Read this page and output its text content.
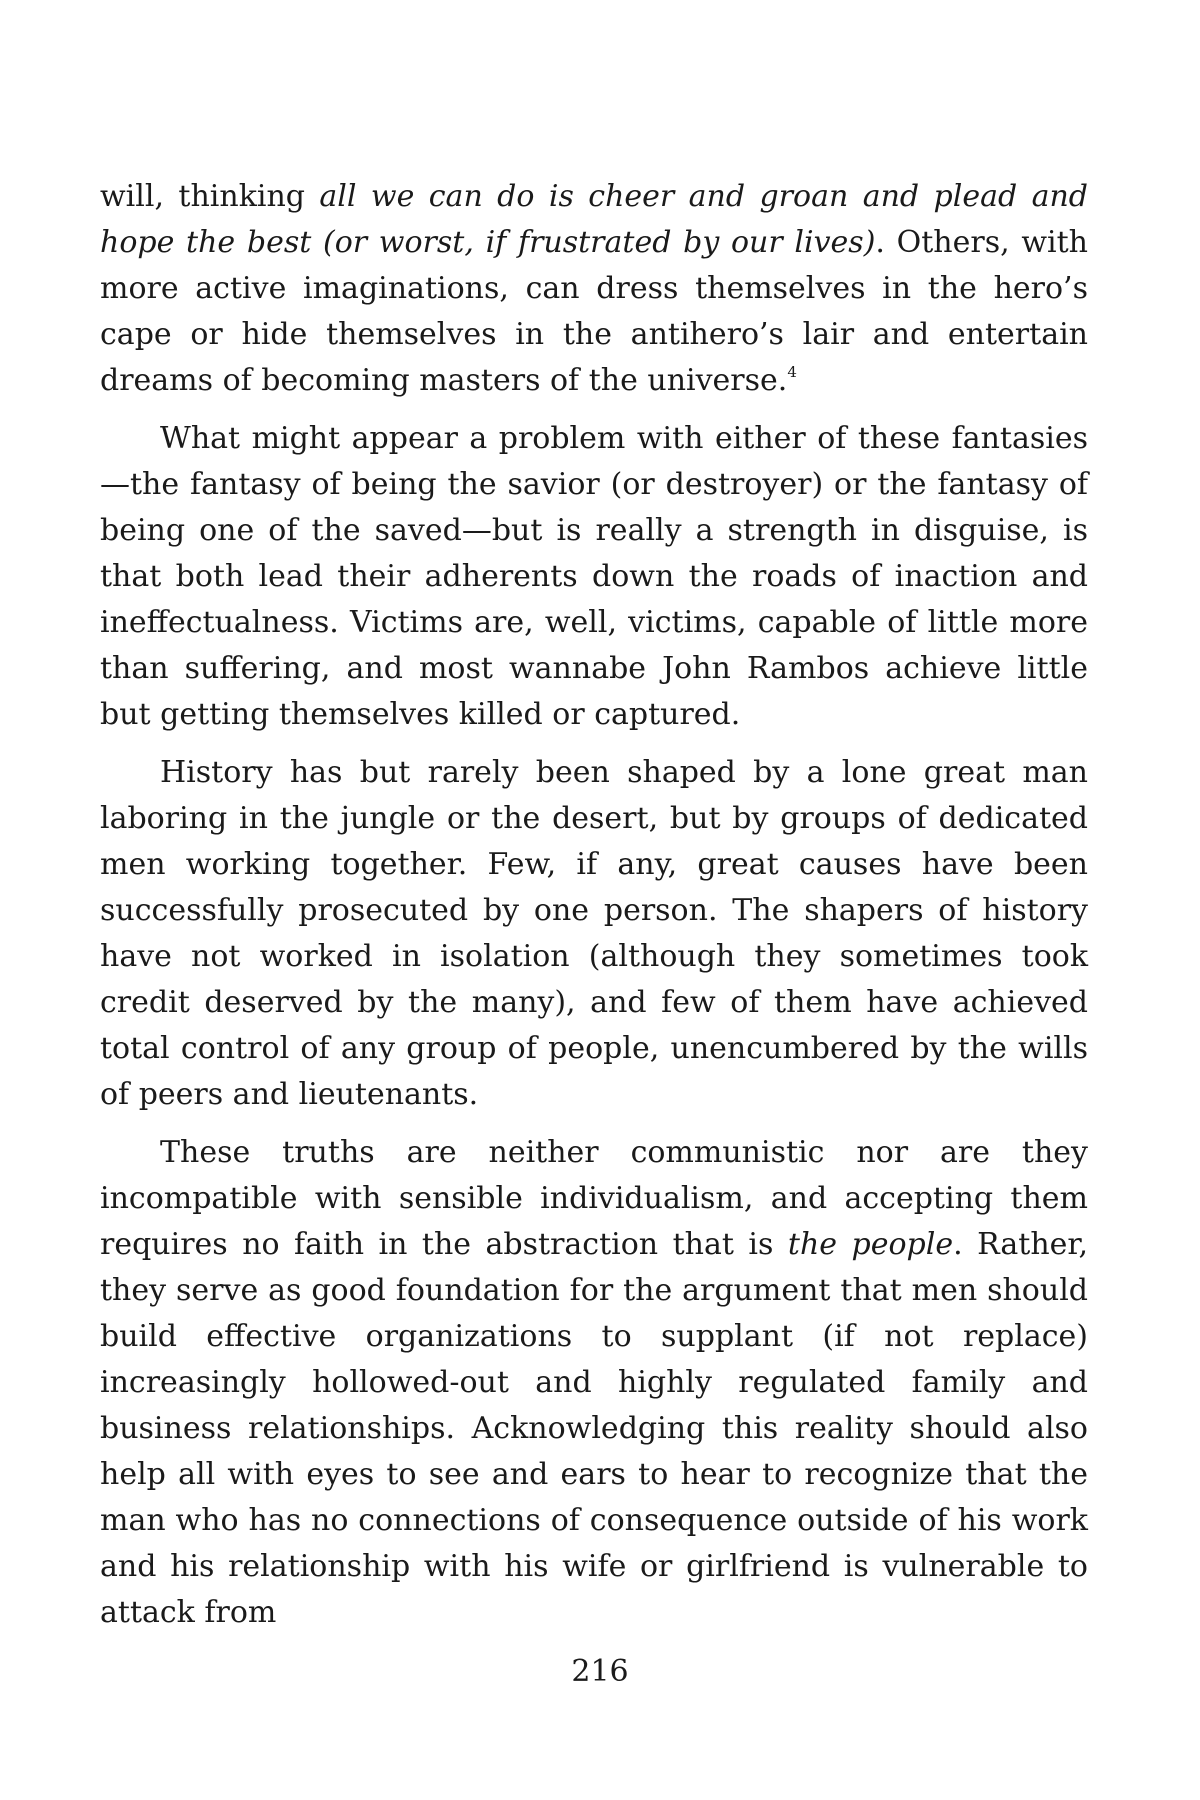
will, thinking all we can do is cheer and groan and plead and hope the best (or worst, if frustrated by our lives). Others, with more active imaginations, can dress themselves in the hero’s cape or hide themselves in the antihero’s lair and entertain dreams of becoming masters of the universe.$^4$

What might appear a problem with either of these fantasies—the fantasy of being the savior (or destroyer) or the fantasy of being one of the saved—but is really a strength in disguise, is that both lead their adherents down the roads of inaction and ineffectualness. Victims are, well, victims, capable of little more than suffering, and most wannabe John Rambos achieve little but getting themselves killed or captured.

History has but rarely been shaped by a lone great man laboring in the jungle or the desert, but by groups of dedicated men working together. Few, if any, great causes have been successfully prosecuted by one person. The shapers of history have not worked in isolation (although they sometimes took credit deserved by the many), and few of them have achieved total control of any group of people, unencumbered by the wills of peers and lieutenants.

These truths are neither communistic nor are they incompatible with sensible individualism, and accepting them requires no faith in the abstraction that is the people. Rather, they serve as good foundation for the argument that men should build effective organizations to supplant (if not replace) increasingly hollowed-out and highly regulated family and business relationships. Acknowledging this reality should also help all with eyes to see and ears to hear to recognize that the man who has no connections of consequence outside of his work and his relationship with his wife or girlfriend is vulnerable to attack from

216
